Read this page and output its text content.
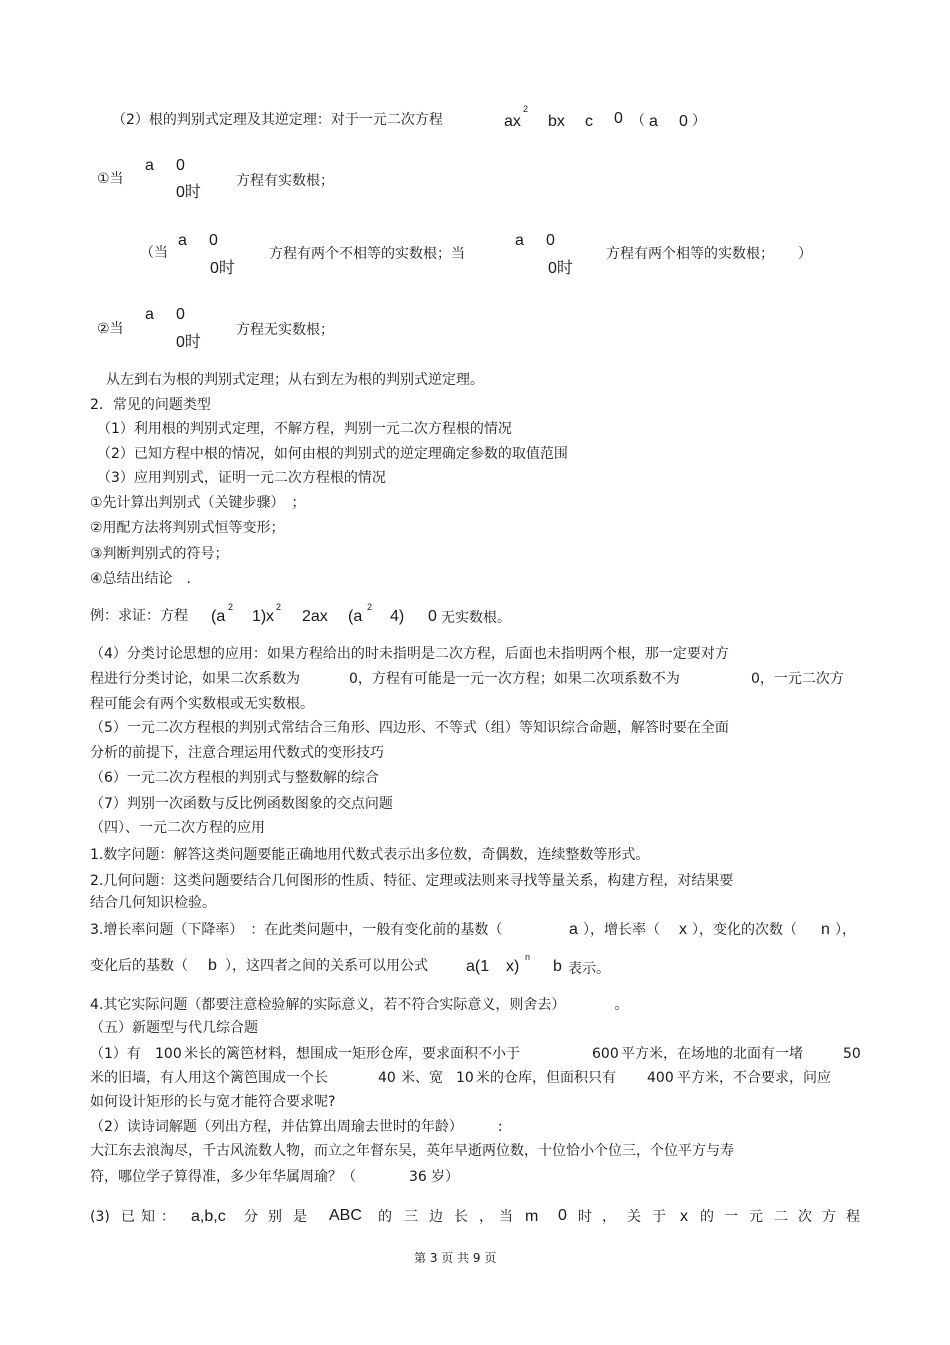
（2）根的判别式定理及其逆定理：对于一元二次方程	ax
2
bx c 0 （ a 0 ）
①当
a 0
0时
方程有实数根；
（当
a 0
0时
方程有两个不相等的实数根；当
a 0
0时
方程有两个相等的实数根； ）
②当
a 0
0时
方程无实数根；
从左到右为根的判别式定理；从右到左为根的判别式逆定理。
2．常见的问题类型
（1）利用根的判别式定理，不解方程，判别一元二次方程根的情况
（2）已知方程中根的情况，如何由根的判别式的逆定理确定参数的取值范围
（3）应用判别式，证明一元二次方程根的情况
①先计算出判别式（关键步骤）　；
②用配方法将判别式恒等变形；
③判断判别式的符号；
④总结出结论　.
例：求证：方程 (a
2
1) x
2
2ax (a
2
4) 0 无实数根。
（4）分类讨论思想的应用：如果方程给出的时未指明是二次方程，后面也未指明两个根，那一定要对方
程进行分类讨论，如果二次系数为	0，方程有可能是一元一次方程；如果二次项系数不为	0，一元二次方
程可能会有两个实数根或无实数根。
（5）一元二次方程根的判别式常结合三角形、四边形、不等式（组）等知识综合命题，解答时要在全面
分析的前提下，注意合理运用代数式的变形技巧
（6）一元二次方程根的判别式与整数解的综合
（7）判别一次函数与反比例函数图象的交点问题
（四）、一元二次方程的应用
1.数字问题：解答这类问题要能正确地用代数式表示出多位数，奇偶数，连续整数等形式。
2.几何问题：这类问题要结合几何图形的性质、特征、定理或法则来寻找等量关系，构建方程，对结果要
结合几何知识检验。
3.增长率问题（下降率）　：在此类问题中，一般有变化前的基数（	a ），增长率（ x ），变化的次数（ n ），
变化后的基数（ b ），这四者之间的关系可以用公式 a(1 x)
n
b 表示。
4.其它实际问题（都要注意检验解的实际意义，若不符合实际意义，则舍去）　　　　。
（五）新题型与代几综合题
（1）有 100 米长的篱笆材料，想围成一矩形仓库，要求面积不小于	600 平方米，在场地的北面有一堵	50
米的旧墙，有人用这个篱笆围成一个长	40 米、宽 10 米的仓库，但面积只有 400 平方米，不合要求，问应
如何设计矩形的长与宽才能符合要求呢?
（2）读诗词解题（列出方程，并估算出周瑜去世时的年龄）　　　:
大江东去浪淘尽，千古风流数人物，而立之年督东吴，英年早逝两位数，十位恰小个位三，个位平方与寿
符，哪位学子算得准，多少年华属周瑜？（	36 岁）
(3) 已 知 ： a,b,c 分 别 是 ABC 的 三 边 长 ， 当 m 0 时 ， 关 于 x 的 一 元 二 次 方 程
第 3 页 共 9 页
